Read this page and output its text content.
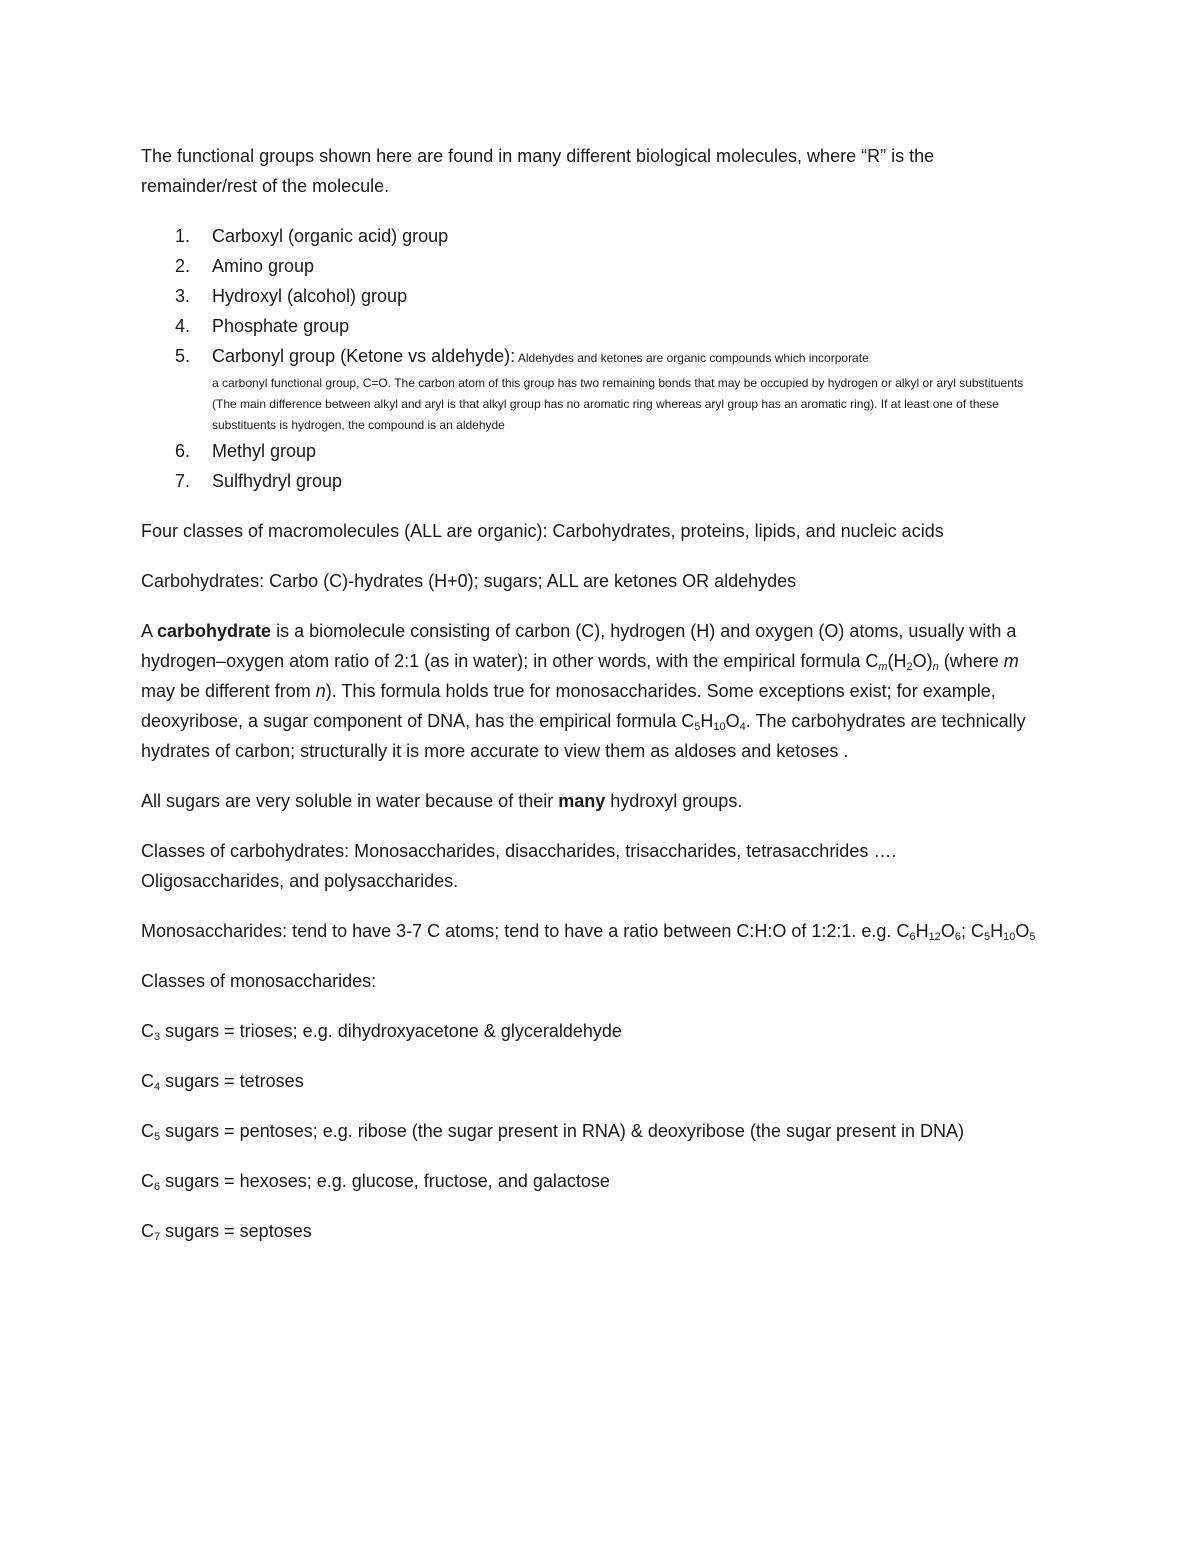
The functional groups shown here are found in many different biological molecules, where “R” is the remainder/rest of the molecule.

1. Carboxyl (organic acid) group
2. Amino group
3. Hydroxyl (alcohol) group
4. Phosphate group
5. Carbonyl group (Ketone vs aldehyde): Aldehydes and ketones are organic compounds which incorporate
a carbonyl functional group, C=O. The carbon atom of this group has two remaining bonds that may be occupied by hydrogen or alkyl or aryl substituents (The main difference between alkyl and aryl is that alkyl group has no aromatic ring whereas aryl group has an aromatic ring). If at least one of these substituents is hydrogen, the compound is an aldehyde
6. Methyl group
7. Sulfhydryl group

Four classes of macromolecules (ALL are organic): Carbohydrates, proteins, lipids, and nucleic acids

Carbohydrates: Carbo (C)-hydrates (H+0); sugars; ALL are ketones OR aldehydes

A carbohydrate is a biomolecule consisting of carbon (C), hydrogen (H) and oxygen (O) atoms, usually with a hydrogen–oxygen atom ratio of 2:1 (as in water); in other words, with the empirical formula $C_m(H_2O)_n$ (where m may be different from n). This formula holds true for monosaccharides. Some exceptions exist; for example, deoxyribose, a sugar component of DNA, has the empirical formula $C_5H_{10}O_4$. The carbohydrates are technically hydrates of carbon; structurally it is more accurate to view them as aldoses and ketoses .

All sugars are very soluble in water because of their many hydroxyl groups.

Classes of carbohydrates: Monosaccharides, disaccharides, trisaccharides, tetrasacchrides …. Oligosaccharides, and polysaccharides.

Monosaccharides: tend to have 3-7 C atoms; tend to have a ratio between C:H:O of 1:2:1. e.g. $C_6H_{12}O_6$; $C_5H_{10}O_5$

Classes of monosaccharides:

$C_3$ sugars = trioses; e.g. dihydroxyacetone & glyceraldehyde

$C_4$ sugars = tetroses

$C_5$ sugars = pentoses; e.g. ribose (the sugar present in RNA) & deoxyribose (the sugar present in DNA)

$C_6$ sugars = hexoses; e.g. glucose, fructose, and galactose

$C_7$ sugars = septoses
